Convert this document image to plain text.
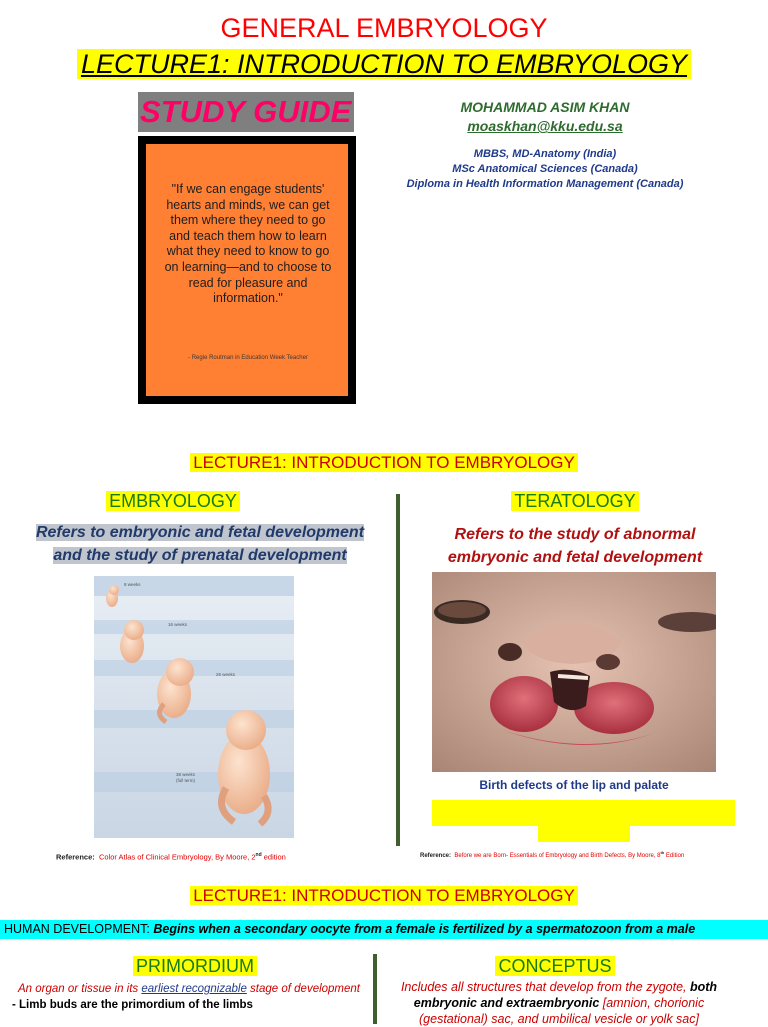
GENERAL EMBRYOLOGY
LECTURE1: INTRODUCTION TO EMBRYOLOGY
STUDY GUIDE
"If we can engage students' hearts and minds, we can get them where they need to go and teach them how to learn what they need to know to go on learning—and to choose to read for pleasure and information."
- Regie Routman in Education Week Teacher
MOHAMMAD ASIM KHAN
moaskhan@kku.edu.sa
MBBS, MD-Anatomy (India)
MSc Anatomical Sciences (Canada)
Diploma in Health Information Management (Canada)
LECTURE1: INTRODUCTION TO EMBRYOLOGY
EMBRYOLOGY
Refers to embryonic and fetal development
and the study of prenatal development
TERATOLOGY
Refers to the study of abnormal
embryonic and fetal development
8 weeks
16 weeks
26 weeks
38 weeks
(full term)	Birth defects of the lip and palate
Reference: Color Atlas of Clinical Embryology, By Moore, 2nd edition	Reference: Before we are Born- Essentials of Embryology and Birth Defects, By Moore, 8th Edition
LECTURE1: INTRODUCTION TO EMBRYOLOGY
HUMAN DEVELOPMENT: Begins when a secondary oocyte from a female is fertilized by a spermatozoon from a male
PRIMORDIUM
An organ or tissue in its earliest recognizable stage of development
- Limb buds are the primordium of the limbs
CONCEPTUS
Includes all structures that develop from the zygote, both
embryonic and extraembryonic [amnion, chorionic
(gestational) sac, and umbilical vesicle or yolk sac]
